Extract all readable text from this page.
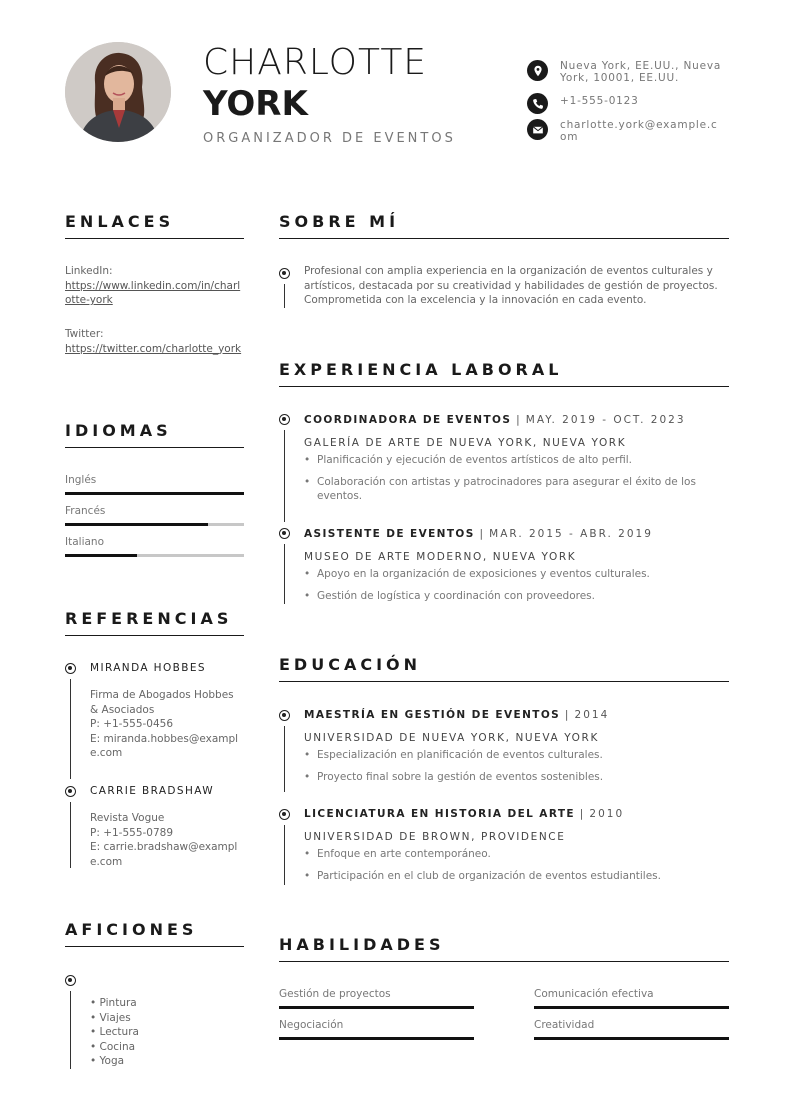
CHARLOTTE
YORK
ORGANIZADOR DE EVENTOS
Nueva York, EE.UU., Nueva York, 10001, EE.UU.
+1-555-0123
charlotte.york@example.com
ENLACES
LinkedIn:
https://www.linkedin.com/in/charlotte-york
Twitter:
https://twitter.com/charlotte_york
IDIOMAS
Inglés
Francés
Italiano
REFERENCIAS
MIRANDA HOBBES
Firma de Abogados Hobbes & Asociados
P: +1-555-0456
E: miranda.hobbes@example.com
CARRIE BRADSHAW
Revista Vogue
P: +1-555-0789
E: carrie.bradshaw@example.com
AFICIONES
• Pintura
• Viajes
• Lectura
• Cocina
• Yoga
SOBRE MÍ
Profesional con amplia experiencia en la organización de eventos culturales y artísticos, destacada por su creatividad y habilidades de gestión de proyectos. Comprometida con la excelencia y la innovación en cada evento.
EXPERIENCIA LABORAL
COORDINADORA DE EVENTOS | MAY. 2019 - OCT. 2023
GALERÍA DE ARTE DE NUEVA YORK, NUEVA YORK
• Planificación y ejecución de eventos artísticos de alto perfil.
• Colaboración con artistas y patrocinadores para asegurar el éxito de los eventos.
ASISTENTE DE EVENTOS | MAR. 2015 - ABR. 2019
MUSEO DE ARTE MODERNO, NUEVA YORK
• Apoyo en la organización de exposiciones y eventos culturales.
• Gestión de logística y coordinación con proveedores.
EDUCACIÓN
MAESTRÍA EN GESTIÓN DE EVENTOS | 2014
UNIVERSIDAD DE NUEVA YORK, NUEVA YORK
• Especialización en planificación de eventos culturales.
• Proyecto final sobre la gestión de eventos sostenibles.
LICENCIATURA EN HISTORIA DEL ARTE | 2010
UNIVERSIDAD DE BROWN, PROVIDENCE
• Enfoque en arte contemporáneo.
• Participación en el club de organización de eventos estudiantiles.
HABILIDADES
Gestión de proyectos	Comunicación efectiva
Negociación	Creatividad
